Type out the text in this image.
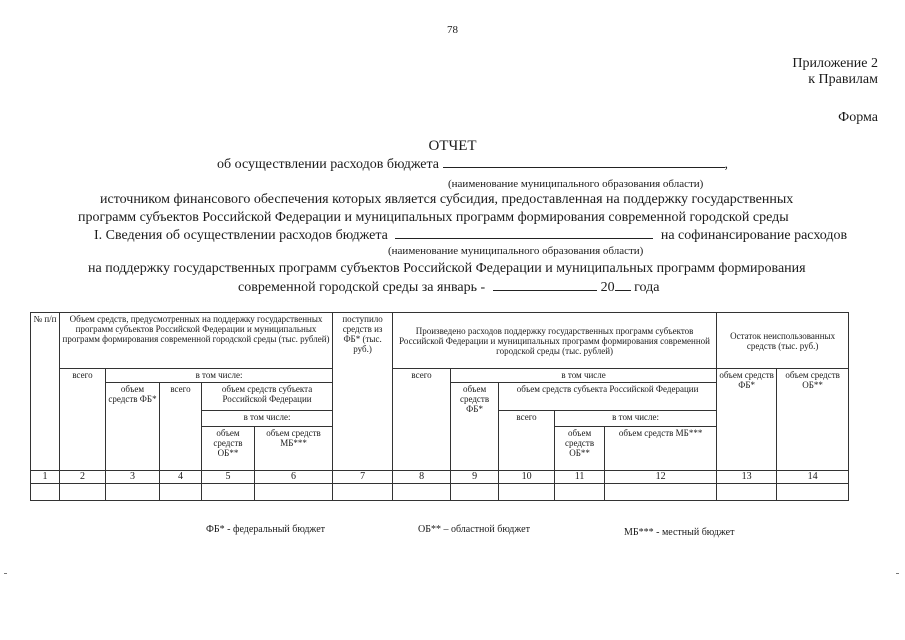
78
Приложение 2
к Правилам
Форма
ОТЧЕТ
об осуществлении расходов бюджета	,
(наименование муниципального образования области)
источником финансового обеспечения которых является субсидия, предоставленная на поддержку государственных
программ субъектов Российской Федерации и муниципальных программ формирования современной городской среды
I. Сведения об осуществлении расходов бюджета	на софинансирование расходов
(наименование муниципального образования области)
на поддержку государственных программ субъектов Российской Федерации и муниципальных программ формирования
современной городской среды за январь -	20 года
№ п/п	Объем средств, предусмотренных на поддержку государственных программ субъектов Российской Федерации и муниципальных программ формирования современной городской среды (тыс. рублей)					поступило средств из ФБ* (тыс. руб.)	Произведено расходов поддержку государственных программ субъектов Российской Федерации и муниципальных программ формирования современной городской среды (тыс. рублей)					Остаток неиспользованных средств (тыс. руб.)	
	всего	в том числе:					всего	в том числе				объем средств ФБ*	объем средств ОБ**
		объем средств ФБ*	всего	объем средств субъекта Российской Федерации				объем средств ФБ*	объем средств субъекта Российской Федерации				
				в том числе:					всего	в том числе:			
				объем средств ОБ**	объем средств МБ***					объем средств ОБ**	объем средств МБ***		
1	2	3	4	5	6	7	8	9	10	11	12	13	14

ФБ* - федеральный бюджет	ОБ** – областной бюджет	МБ*** - местный бюджет
